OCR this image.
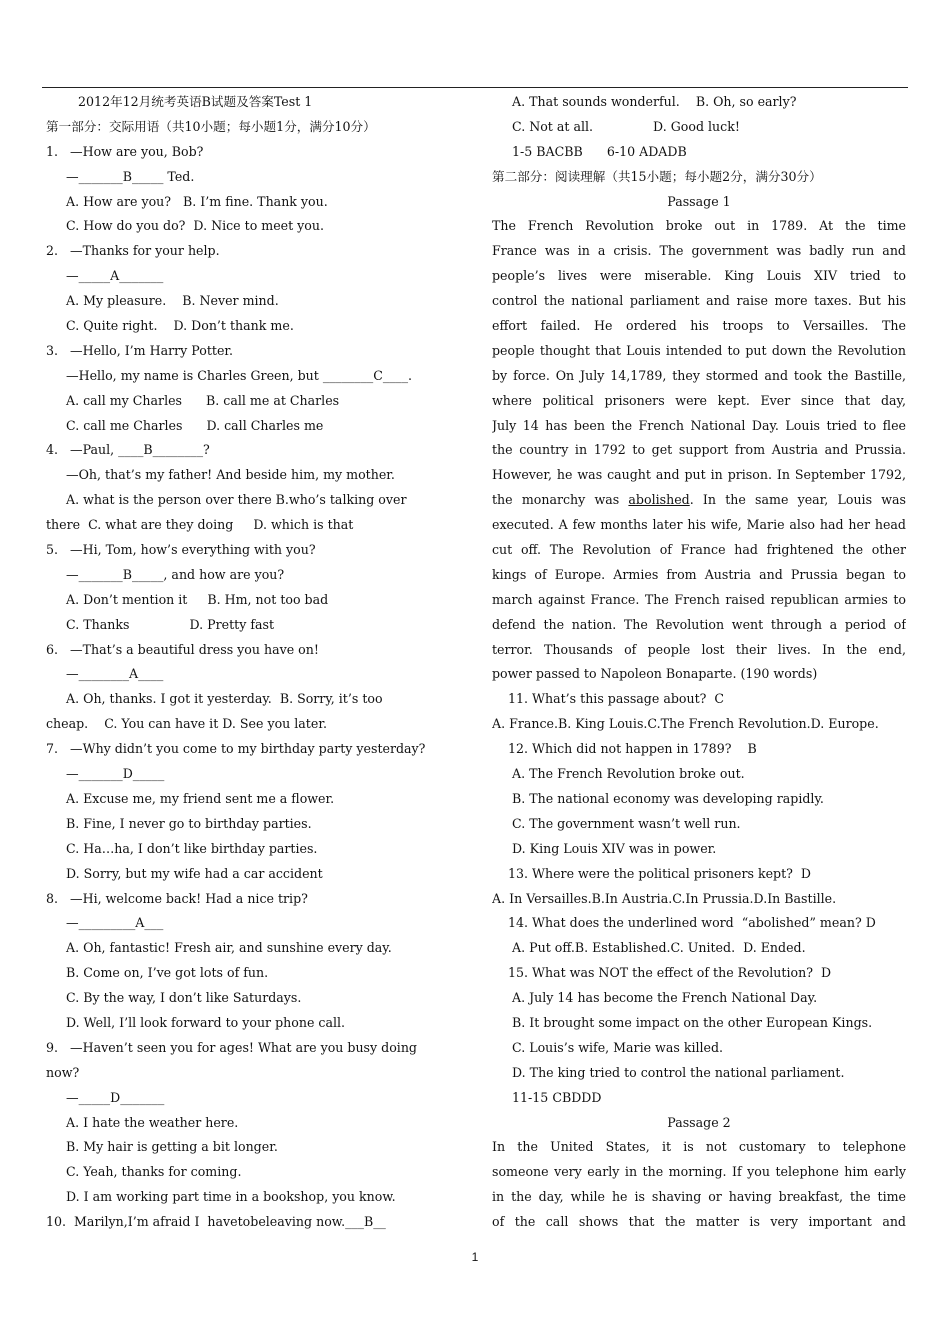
2012年12月统考英语B试题及答案Test 1
第一部分：交际用语（共10小题；每小题1分，满分10分）
1.   —How are you, Bob?
—_______B_____ Ted.
A. How are you?   B. I’m fine. Thank you.
C. How do you do?  D. Nice to meet you.
2.   —Thanks for your help.
—_____A_______
A. My pleasure.    B. Never mind.
C. Quite right.    D. Don’t thank me.
3.   —Hello, I’m Harry Potter.
—Hello, my name is Charles Green, but ________C____.
A. call my Charles      B. call me at Charles
C. call me Charles      D. call Charles me
4.   —Paul, ____B________?
—Oh, that’s my father! And beside him, my mother.
A. what is the person over there B.who’s talking over
there  C. what are they doing     D. which is that
5.   —Hi, Tom, how’s everything with you?
—_______B_____, and how are you?
A. Don’t mention it     B. Hm, not too bad
C. Thanks               D. Pretty fast
6.   —That’s a beautiful dress you have on!
—________A____
A. Oh, thanks. I got it yesterday.  B. Sorry, it’s too
cheap.    C. You can have it D. See you later.
7.   —Why didn’t you come to my birthday party yesterday?
—_______D_____
A. Excuse me, my friend sent me a flower.
B. Fine, I never go to birthday parties.
C. Ha…ha, I don’t like birthday parties.
D. Sorry, but my wife had a car accident
8.   —Hi, welcome back! Had a nice trip?
—_________A___
A. Oh, fantastic! Fresh air, and sunshine every day.
B. Come on, I’ve got lots of fun.
C. By the way, I don’t like Saturdays.
D. Well, I’ll look forward to your phone call.
9.   —Haven’t seen you for ages! What are you busy doing
now?
—_____D_______
A. I hate the weather here.
B. My hair is getting a bit longer.
C. Yeah, thanks for coming.
D. I am working part time in a bookshop, you know.
10.  Marilyn,I’m afraid I  havetobeleaving now.___B__
A. That sounds wonderful.    B. Oh, so early?
C. Not at all.               D. Good luck!
1-5 BACBB      6-10 ADADB
第二部分：阅读理解（共15小题；每小题2分，满分30分）
Passage 1
The French Revolution broke out in 1789. At the time
France was in a crisis. The government was badly run and
people’s lives were miserable. King Louis XIV tried to
control the national parliament and raise more taxes. But his
effort failed. He ordered his troops to Versailles. The
people thought that Louis intended to put down the Revolution
by force. On July 14,1789, they stormed and took the Bastille,
where political prisoners were kept. Ever since that day,
July 14 has been the French National Day. Louis tried to flee
the country in 1792 to get support from Austria and Prussia.
However, he was caught and put in prison. In September 1792,
the monarchy was abolished. In the same year, Louis was
executed. A few months later his wife, Marie also had her head
cut off. The Revolution of France had frightened the other
kings of Europe. Armies from Austria and Prussia began to
march against France. The French raised republican armies to
defend the nation. The Revolution went through a period of
terror. Thousands of people lost their lives. In the end,
power passed to Napoleon Bonaparte. (190 words)
11. What’s this passage about?  C
A. France.B. King Louis.C.The French Revolution.D. Europe.
12. Which did not happen in 1789?    B
A. The French Revolution broke out.
B. The national economy was developing rapidly.
C. The government wasn’t well run.
D. King Louis XIV was in power.
13. Where were the political prisoners kept?  D
A. In Versailles.B.In Austria.C.In Prussia.D.In Bastille.
14. What does the underlined word  “abolished” mean? D
A. Put off.B. Established.C. United.  D. Ended.
15. What was NOT the effect of the Revolution?  D
A. July 14 has become the French National Day.
B. It brought some impact on the other European Kings.
C. Louis’s wife, Marie was killed.
D. The king tried to control the national parliament.
11-15 CBDDD
Passage 2
In the United States, it is not customary to telephone
someone very early in the morning. If you telephone him early
in the day, while he is shaving or having breakfast, the time
of the call shows that the matter is very important and
1
